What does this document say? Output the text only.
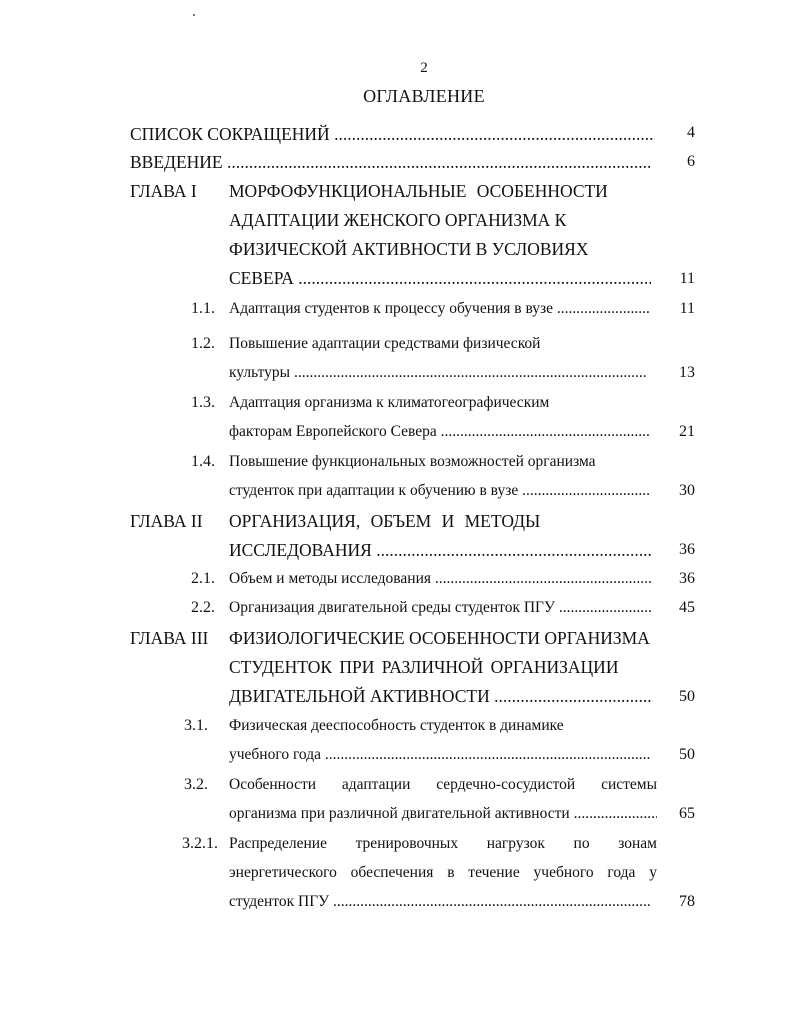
2
ОГЛАВЛЕНИЕ
СПИСОК СОКРАЩЕНИЙ .....	4
ВВЕДЕНИЕ .....	6
ГЛАВА I МОРФОФУНКЦИОНАЛЬНЫЕ ОСОБЕННОСТИ
АДАПТАЦИИ ЖЕНСКОГО ОРГАНИЗМА К
ФИЗИЧЕСКОЙ АКТИВНОСТИ В УСЛОВИЯХ
СЕВЕРА .....	11
1.1. Адаптация студентов к процессу обучения в вузе .....	11
1.2. Повышение адаптации средствами физической
культуры .....	13
1.3. Адаптация организма к климатогеографическим
факторам Европейского Севера .....	21
1.4. Повышение функциональных возможностей организма
студенток при адаптации к обучению в вузе .....	30
ГЛАВА II ОРГАНИЗАЦИЯ, ОБЪЕМ И МЕТОДЫ
ИССЛЕДОВАНИЯ .....	36
2.1. Объем и методы исследования .....	36
2.2. Организация двигательной среды студенток ПГУ .....	45
ГЛАВА III ФИЗИОЛОГИЧЕСКИЕ ОСОБЕННОСТИ ОРГАНИЗМА
СТУДЕНТОК ПРИ РАЗЛИЧНОЙ ОРГАНИЗАЦИИ
ДВИГАТЕЛЬНОЙ АКТИВНОСТИ .....	50
3.1. Физическая дееспособность студенток в динамике
учебного года .....	50
3.2. Особенности адаптации сердечно-сосудистой системы
организма при различной двигательной активности .....	65
3.2.1. Распределение тренировочных нагрузок по зонам
энергетического обеспечения в течение учебного года у
студенток ПГУ .....	78
